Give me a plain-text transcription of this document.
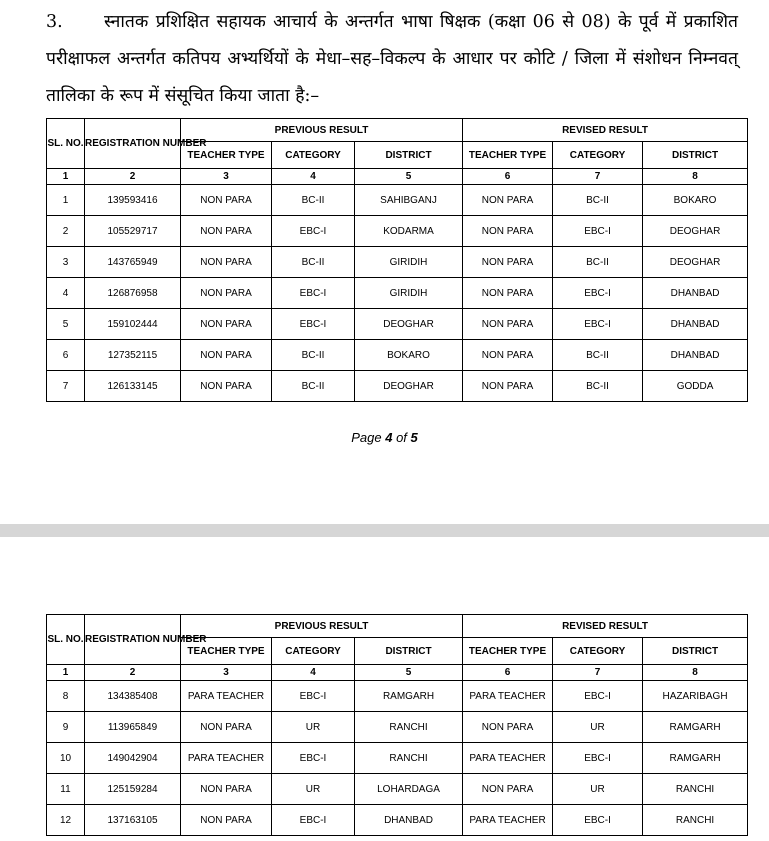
3. स्नातक प्रशिक्षित सहायक आचार्य के अन्तर्गत भाषा षिक्षक (कक्षा 06 से 08) के पूर्व में प्रकाशित परीक्षाफल अन्तर्गत कतिपय अभ्यर्थियों के मेधा–सह–विकल्प के आधार पर कोटि / जिला में संशोधन निम्नवत् तालिका के रूप में संसूचित किया जाता है:–
SL. NO.	REGISTRATION NUMBER	PREVIOUS RESULT			REVISED RESULT		
		TEACHER TYPE	CATEGORY	DISTRICT	TEACHER TYPE	CATEGORY	DISTRICT
1	2	3	4	5	6	7	8
1	139593416	NON PARA	BC-II	SAHIBGANJ	NON PARA	BC-II	BOKARO
2	105529717	NON PARA	EBC-I	KODARMA	NON PARA	EBC-I	DEOGHAR
3	143765949	NON PARA	BC-II	GIRIDIH	NON PARA	BC-II	DEOGHAR
4	126876958	NON PARA	EBC-I	GIRIDIH	NON PARA	EBC-I	DHANBAD
5	159102444	NON PARA	EBC-I	DEOGHAR	NON PARA	EBC-I	DHANBAD
6	127352115	NON PARA	BC-II	BOKARO	NON PARA	BC-II	DHANBAD
7	126133145	NON PARA	BC-II	DEOGHAR	NON PARA	BC-II	GODDA
Page 4 of 5
SL. NO.	REGISTRATION NUMBER	PREVIOUS RESULT			REVISED RESULT		
		TEACHER TYPE	CATEGORY	DISTRICT	TEACHER TYPE	CATEGORY	DISTRICT
1	2	3	4	5	6	7	8
8	134385408	PARA TEACHER	EBC-I	RAMGARH	PARA TEACHER	EBC-I	HAZARIBAGH
9	113965849	NON PARA	UR	RANCHI	NON PARA	UR	RAMGARH
10	149042904	PARA TEACHER	EBC-I	RANCHI	PARA TEACHER	EBC-I	RAMGARH
11	125159284	NON PARA	UR	LOHARDAGA	NON PARA	UR	RANCHI
12	137163105	NON PARA	EBC-I	DHANBAD	PARA TEACHER	EBC-I	RANCHI
